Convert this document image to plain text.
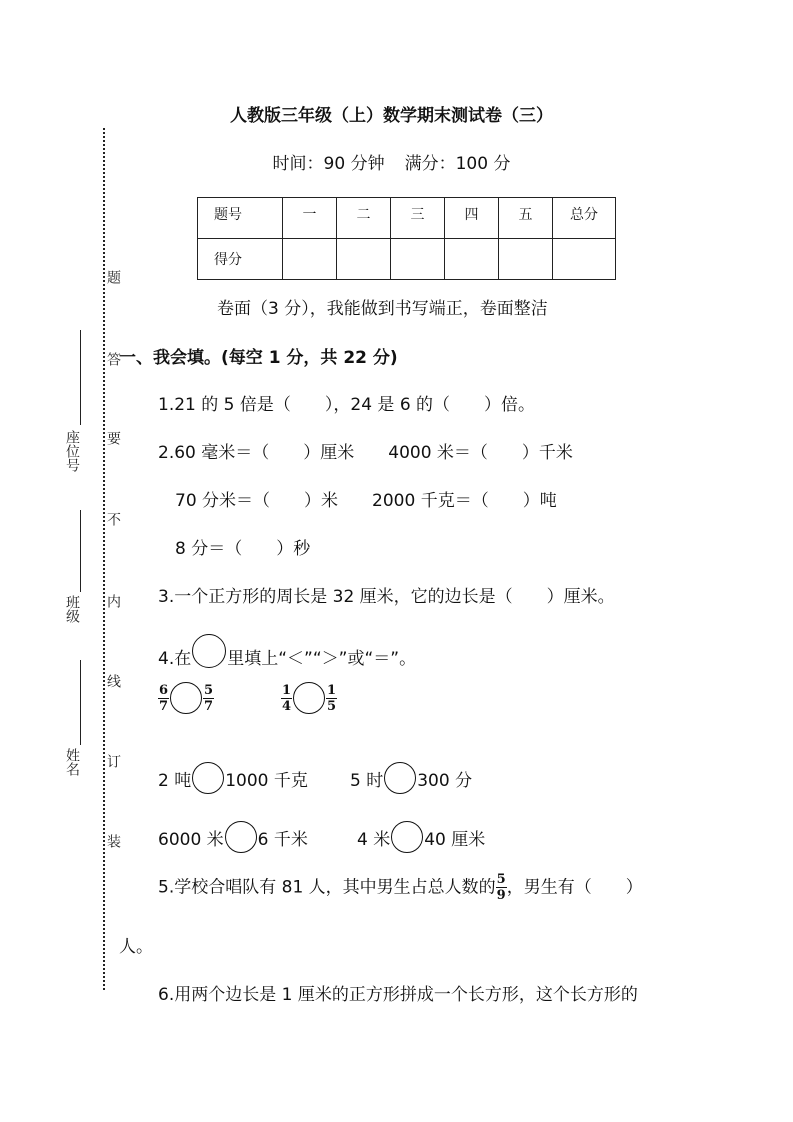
题
答
要
不
内
线
订
装
座位号
班级
姓名
人教版三年级（上）数学期末测试卷（三）
时间：90 分钟 满分：100 分
题号	一	二	三	四	五	总分
得分						
卷面（3 分），我能做到书写端正，卷面整洁
一、我会填。(每空 1 分，共 22 分)
1.21 的 5 倍是（　　），24 是 6 的（　　）倍。
2.60 毫米＝（　　）厘米　　4000 米＝（　　）千米
70 分米＝（　　）米　　2000 千克＝（　　）吨
8 分＝（　　）秒
3.一个正方形的周长是 32 厘米，它的边长是（　　）厘米。
4.在 里填上“＜”“＞”或“＝”。
$\frac{6}{7}$	$\frac{5}{7}$	$\frac{1}{4}$	$\frac{1}{5}$
2 吨 1000 千克 5 时 300 分
6000 米 6 千米	4 米 40 厘米
5.学校合唱队有 81 人，其中男生占总人数的 $\frac{5}{9}$ ，男生有（　　）
人。
6.用两个边长是 1 厘米的正方形拼成一个长方形，这个长方形的
